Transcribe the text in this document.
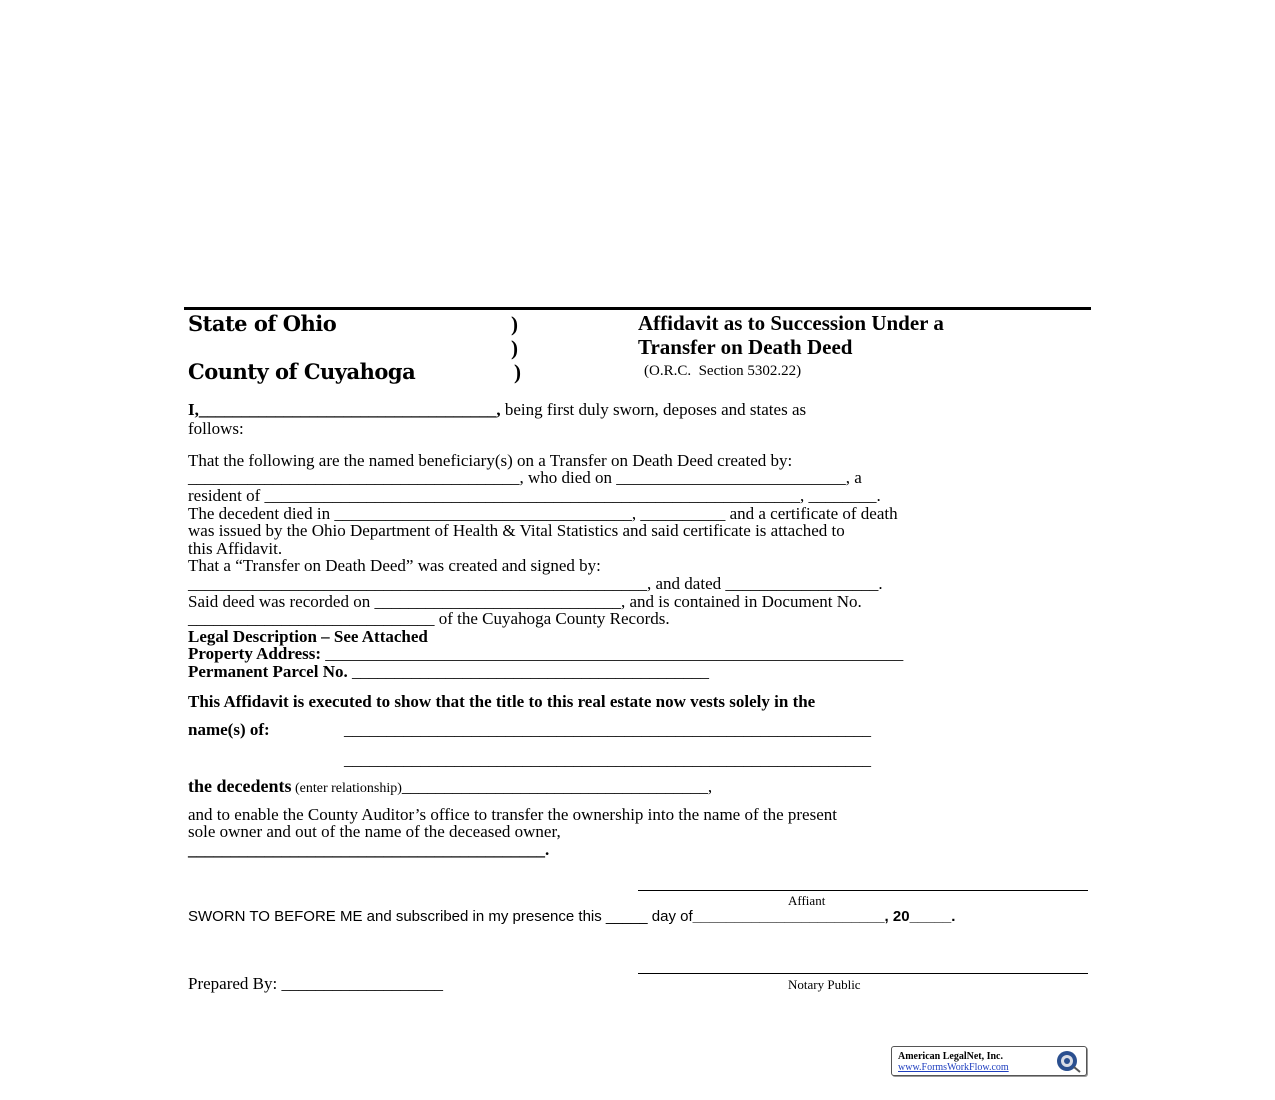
State of Ohio
County of Cuyahoga
)
)
)
Affidavit as to Succession Under a
Transfer on Death Deed
(O.R.C.  Section 5302.22)
I,___________________________________, being first duly sworn, deposes and states as
follows:
That the following are the named beneficiary(s) on a Transfer on Death Deed created by:
_______________________________________, who died on ___________________________, a
resident of _______________________________________________________________, ________.
The decedent died in ___________________________________, __________ and a certificate of death
was issued by the Ohio Department of Health & Vital Statistics and said certificate is attached to
this Affidavit.
That a “Transfer on Death Deed” was created and signed by:
______________________________________________________, and dated __________________.
Said deed was recorded on _____________________________, and is contained in Document No.
_____________________________ of the Cuyahoga County Records.
Legal Description – See Attached
Property Address: ____________________________________________________________________
Permanent Parcel No. __________________________________________
This Affidavit is executed to show that the title to this real estate now vests solely in the
name(s) of:	______________________________________________________________
______________________________________________________________
the decedents (enter relationship)____________________________________,
and to enable the County Auditor’s office to transfer the ownership into the name of the present
sole owner and out of the name of the deceased owner,
__________________________________________.
Affiant
SWORN TO BEFORE ME and subscribed in my presence this _____ day of_______________________, 20_____.
Prepared By: ___________________	Notary Public
American LegalNet, Inc.
www.FormsWorkFlow.com
